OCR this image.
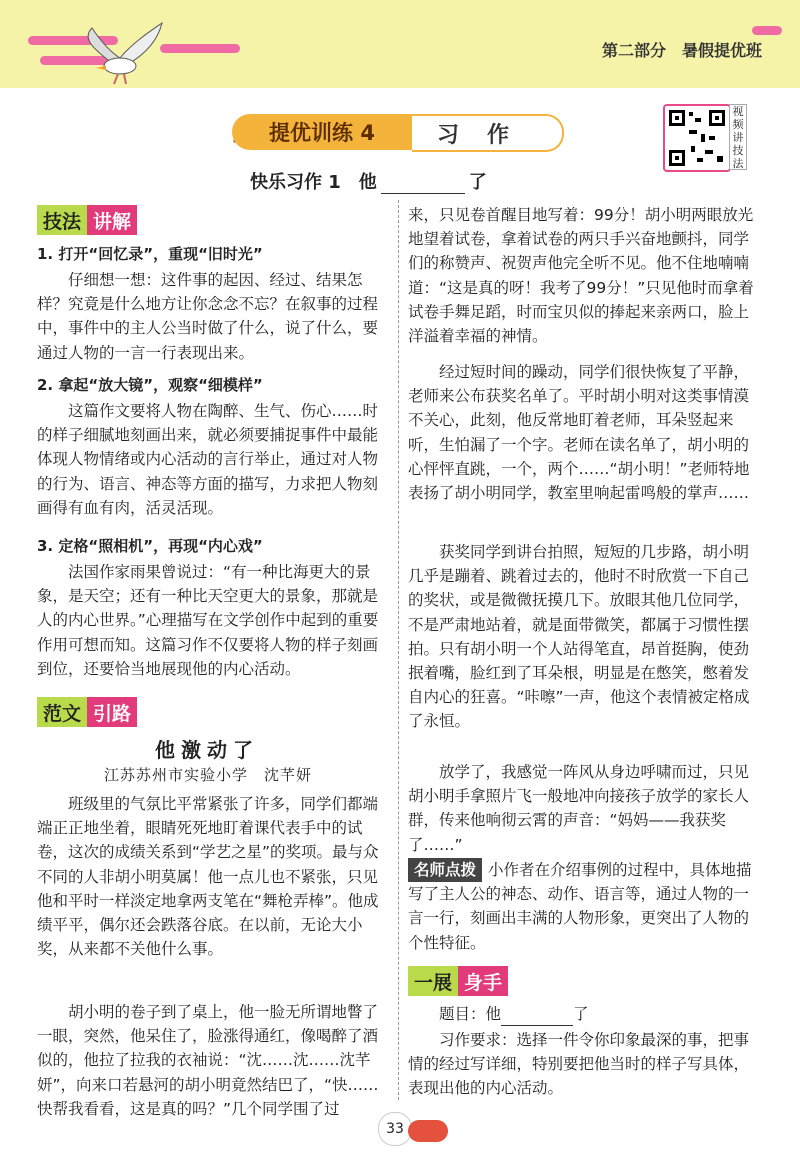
第二部分　暑假提优班
提优训练 4	习作
视频讲技法
快乐习作 1　他	了
技法 讲解
1. 打开“回忆录”，重现“旧时光”
仔细想一想：这件事的起因、经过、结果怎样？究竟是什么地方让你念念不忘？在叙事的过程中，事件中的主人公当时做了什么，说了什么，要通过人物的一言一行表现出来。
2. 拿起“放大镜”，观察“细模样”
这篇作文要将人物在陶醉、生气、伤心……时的样子细腻地刻画出来，就必须要捕捉事件中最能体现人物情绪或内心活动的言行举止，通过对人物的行为、语言、神态等方面的描写，力求把人物刻画得有血有肉，活灵活现。
3. 定格“照相机”，再现“内心戏”
法国作家雨果曾说过：“有一种比海更大的景象，是天空；还有一种比天空更大的景象，那就是人的内心世界。”心理描写在文学创作中起到的重要作用可想而知。这篇习作不仅要将人物的样子刻画到位，还要恰当地展现他的内心活动。
范文 引路
他激动了
江苏苏州市实验小学　沈芊妍
班级里的气氛比平常紧张了许多，同学们都端端正正地坐着，眼睛死死地盯着课代表手中的试卷，这次的成绩关系到“学艺之星”的奖项。最与众不同的人非胡小明莫属！他一点儿也不紧张，只见他和平时一样淡定地拿两支笔在“舞枪弄棒”。他成绩平平，偶尔还会跌落谷底。在以前，无论大小奖，从来都不关他什么事。
胡小明的卷子到了桌上，他一脸无所谓地瞥了一眼，突然，他呆住了，脸涨得通红，像喝醉了酒似的，他拉了拉我的衣袖说：“沈……沈……沈芊妍”，向来口若悬河的胡小明竟然结巴了，“快……快帮我看看，这是真的吗？”几个同学围了过
来，只见卷首醒目地写着：99分！胡小明两眼放光地望着试卷，拿着试卷的两只手兴奋地颤抖，同学们的称赞声、祝贺声他完全听不见。他不住地喃喃道：“这是真的呀！我考了99分！”只见他时而拿着试卷手舞足蹈，时而宝贝似的捧起来亲两口，脸上洋溢着幸福的神情。
经过短时间的躁动，同学们很快恢复了平静，老师来公布获奖名单了。平时胡小明对这类事情漠不关心，此刻，他反常地盯着老师，耳朵竖起来听，生怕漏了一个字。老师在读名单了，胡小明的心怦怦直跳，一个，两个……“胡小明！”老师特地表扬了胡小明同学，教室里响起雷鸣般的掌声……
获奖同学到讲台拍照，短短的几步路，胡小明几乎是蹦着、跳着过去的，他时不时欣赏一下自己的奖状，或是微微抚摸几下。放眼其他几位同学，不是严肃地站着，就是面带微笑，都属于习惯性摆拍。只有胡小明一个人站得笔直，昂首挺胸，使劲抿着嘴，脸红到了耳朵根，明显是在憋笑，憋着发自内心的狂喜。“咔嚓”一声，他这个表情被定格成了永恒。
放学了，我感觉一阵风从身边呼啸而过，只见胡小明手拿照片飞一般地冲向接孩子放学的家长人群，传来他响彻云霄的声音：“妈妈——我获奖了……”
名师点拨 小作者在介绍事例的过程中，具体地描写了主人公的神态、动作、语言等，通过人物的一言一行，刻画出丰满的人物形象，更突出了人物的个性特征。
一展 身手
题目：他	了
习作要求：选择一件令你印象最深的事，把事情的经过写详细，特别要把他当时的样子写具体，表现出他的内心活动。
33
